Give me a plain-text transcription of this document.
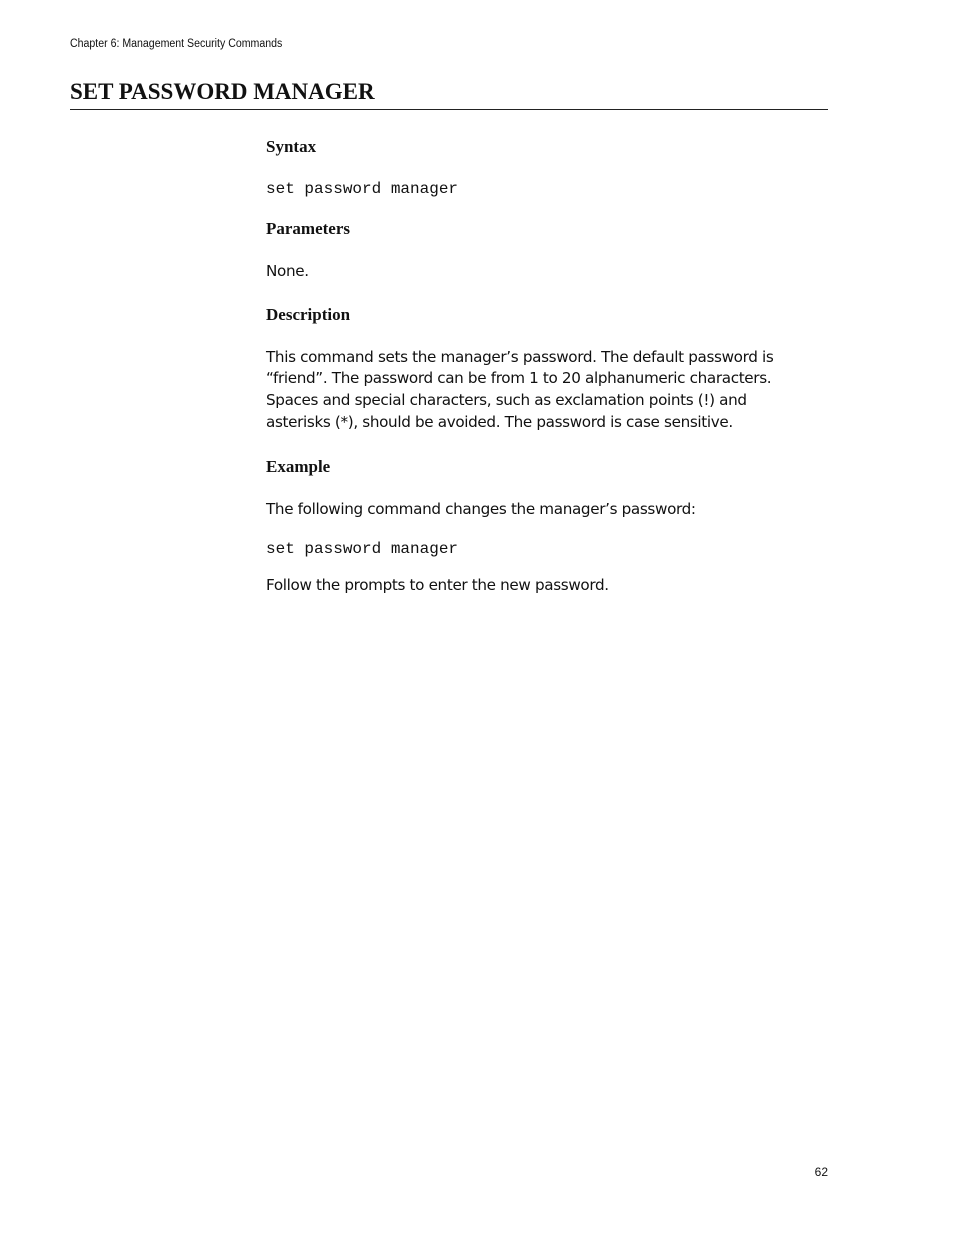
Chapter 6: Management Security Commands
SET PASSWORD MANAGER
Syntax
set password manager
Parameters

None.

Description

This command sets the manager’s password. The default password is

“friend”. The password can be from 1 to 20 alphanumeric characters.

Spaces and special characters, such as exclamation points (!) and

asterisks (*), should be avoided. The password is case sensitive.

Example

The following command changes the manager’s password:

set password manager

Follow the prompts to enter the new password.

62
